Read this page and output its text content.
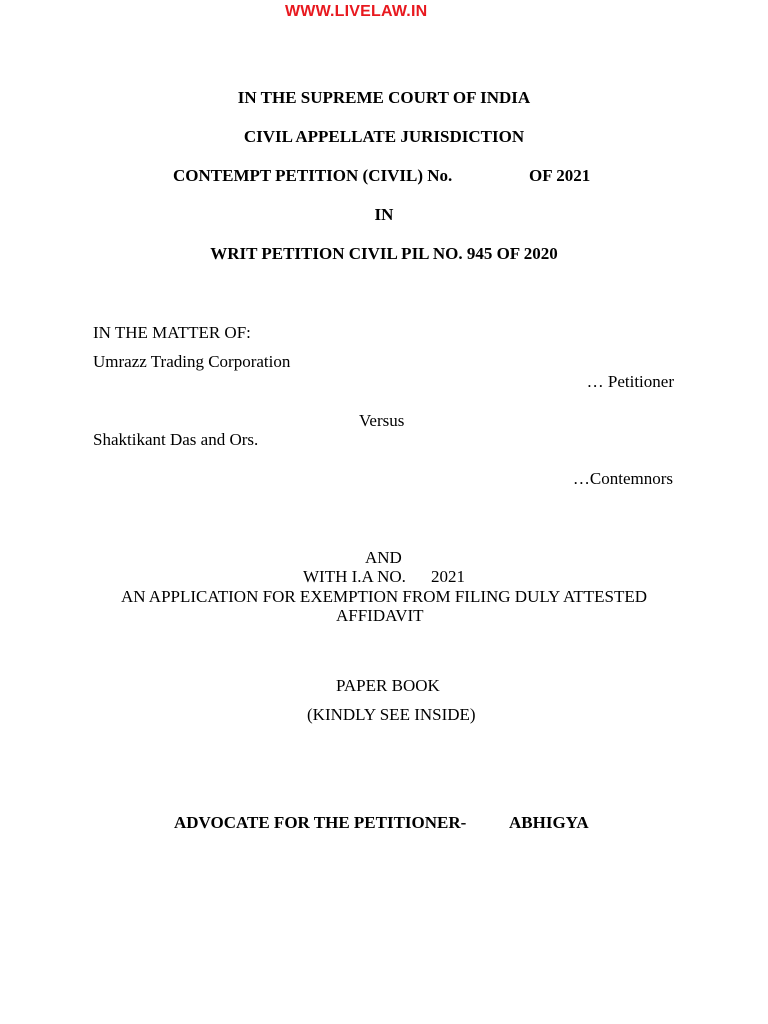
WWW.LIVELAW.IN
IN THE SUPREME COURT OF INDIA
CIVIL APPELLATE JURISDICTION
CONTEMPT PETITION (CIVIL) No.	OF 2021
IN
WRIT PETITION CIVIL PIL NO. 945 OF 2020
IN THE MATTER OF:
Umrazz Trading Corporation
… Petitioner
Versus
Shaktikant Das and Ors.
…Contemnors
AND
WITH I.A NO. 2021
AN APPLICATION FOR EXEMPTION FROM FILING DULY ATTESTED
AFFIDAVIT
PAPER BOOK
(KINDLY SEE INSIDE)
ADVOCATE FOR THE PETITIONER-	ABHIGYA
